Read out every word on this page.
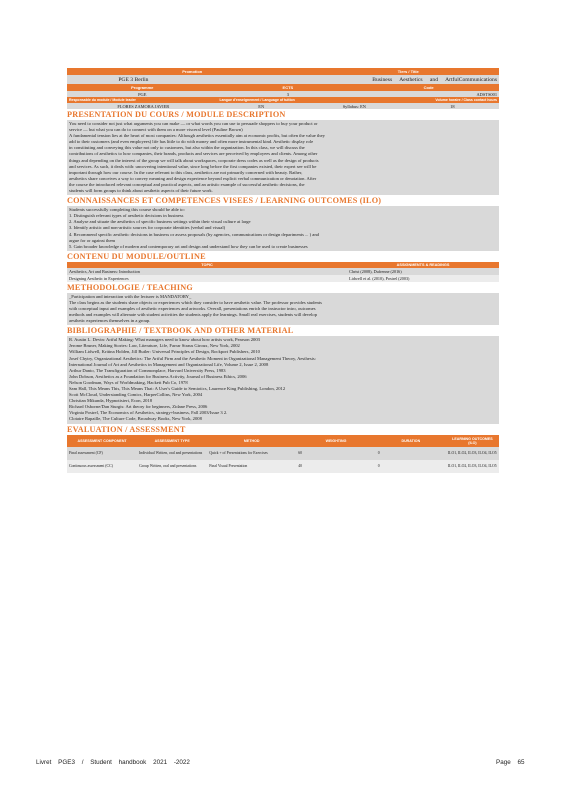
Promotion	Tiers / Title
PGE 3 Berlin	Business Aesthetics and ArtfulCommunications
Programme	ECTS	Code
PGE	3	ADSTS001
Responsable du module / Module leader	Langue d'enseignement / Language of tuition	Volume horaire / Class contact hours
FLORES ZAMORA JAVIER	EN	Syllabus: EN	18
PRESENTATION DU COURS / MODULE DESCRIPTION

You need to consider not just what arguments you can make — or what words you can use to persuade shoppers to buy your product or

service — but what you can do to connect with them on a more visceral level (Pauline Brown)

A fundamental tension lies at the heart of most companies: Although aesthetics essentially aim at economic profits, but often the value they

add to their customers (and even employees) life has little to do with money and often more instrumental kind. Aesthetic display role

in constituting and conveying this value not only to customers, but also within the organization. In this class, we will discuss the

contributions of aesthetics to how companies, their brands, products and services are perceived by employees and clients. Among other

things and depending on the interest of the group we will talk about workspaces, corporate dress codes as well as the design of products

and services. As such, it deals with: uncovering intentional value, since long before the first companies existed, their expert see will be

important through how our course. In the case relevant to this class, aesthetics are not primarily concerned with beauty. Rather,

aesthetics share conceives a way to convey meaning and design experience beyond explicit verbal communication or denotation. After

the course the introduced relevant conceptual and practical aspects, and an artistic example of successful aesthetic decisions, the

students will form groups to think about aesthetic aspects of their future work.

CONNAISSANCES ET COMPETENCES VISEES / LEARNING OUTCOMES (ILO)

Students successfully completing this course should be able to:

1. Distinguish relevant types of aesthetic decisions in business

2. Analyse and situate the aesthetics of specific business settings within their visual culture at large

3. Identify artistic and non-artistic sources for corporate identities (verbal and visual)

4. Recommend specific aesthetic decisions in business or assess proposals (by agencies, communications or design departments ... ) and

argue for or against them

5. Gain broader knowledge of modern and contemporary art and design and understand how they can be used to create businesses

CONTENU DU MODULE/OUTLINE
TOPIC	ASSIGNMENTS & READINGS
Aesthetics, Art and Business: Introduction	Christ (2008), Dufrenne (2016)
Designing Aesthetic in Experiences	Lidwell et al. (2010), Postrel (2003)
METHODOLOGIE / TEACHING

_Participation and interaction with the lecturer is MANDATORY_

The class begins as the students share objects or experiences which they consider to have aesthetic value. The professor provides students

with conceptual input and examples of aesthetic experiences and artworks. Overall, presentations enrich the instructor intro, outcomes

methods and examples will alternate with student activities the students apply the learnings. Small real exercises, students will develop

aesthetic experiences themselves in a group.

BIBLIOGRAPHIE / TEXTBOOK AND OTHER MATERIAL

R. Austin L. Devin: Artful Making: What managers need to know about how artists work, Pearson 2003

Jerome Bruner, Making Stories: Law, Literature, Life, Farrar Straus Giroux, New York, 2002

William Lidwell, Kritina Holden, Jill Butler: Universal Principles of Design, Rockport Publishers, 2010

Josef Chytry, Organizational Aesthetics: The Artful Firm and the Aesthetic Moment in Organizational Management Theory, Aesthesis:

International Journal of Art and Aesthetics in Management and Organizational Life, Volume 2, Issue 2, 2008

Arthur Danto, The Transfiguration of Commonplace, Harvard University Press, 1983

John Dobson, Aesthetics as a Foundation for Business Activity, Journal of Business Ethics, 2006

Nelson Goodman, Ways of Worldmaking, Hackett Pub Co, 1978

Sam Hall, This Means This, This Means That: A User's Guide to Semiotics, Laurence King Publishing, London, 2012

Scott McCloud, Understanding Comics, HarperCollins, New York, 2004

Christian Mikunda, Hypnotisiert, Econ, 2018

Richard Osborne/Dan Sturgis: Art theory for beginners, Zidane Press, 2006

Virginia Postrel, The Economics of Aesthetics, strategy+business, Fall 2003/Issue 3 2.

Clotaire Rapaille, The Culture Code, Broadway Books, New York, 2008

EVALUATION / ASSESSMENT
ASSESSMENT COMPONENT	ASSESSMENT TYPE	METHOD	WEIGHTING	DURATION	LEARNING OUTCOMES (ILO)
Final assessment (CF)	Individual Written, oral and presentations	Quick + of Presentations for Exercises	60	0	ILO1, ILO2, ILO3, ILO4, ILO5
Continuous assessment (CC)	Group Written, oral and presentations	Final Visual Presentation	40	0	ILO1, ILO2, ILO3, ILO4, ILO5
Livret PGE3 / Student handbook 2021 -2022	Page 65
